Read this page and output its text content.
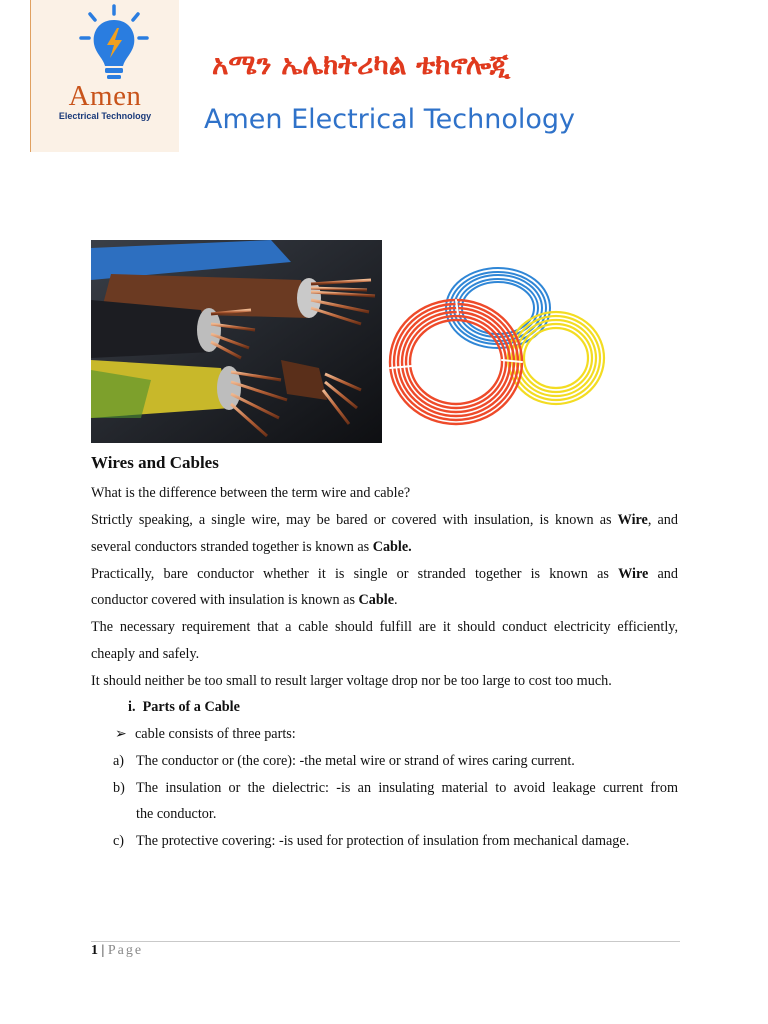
Amen
Electrical Technology
አሜን ኤሌክትሪካል ቴክኖሎጂ
Amen Electrical Technology
Wires and Cables
What is the difference between the term wire and cable?
Strictly speaking, a single wire, may be bared or covered with insulation, is known as Wire, and
several conductors stranded together is known as Cable.
Practically, bare conductor whether it is single or stranded together is known as Wire and
conductor covered with insulation is known as Cable.
The necessary requirement that a cable should fulfill are it should conduct electricity efficiently,
cheaply and safely.
It should neither be too small to result larger voltage drop nor be too large to cost too much.
i. Parts of a Cable
➢ cable consists of three parts:
a) The conductor or (the core): -the metal wire or strand of wires caring current.
b) The insulation or the dielectric: -is an insulating material to avoid leakage current from
the conductor.
c) The protective covering: -is used for protection of insulation from mechanical damage.
1 | Page
